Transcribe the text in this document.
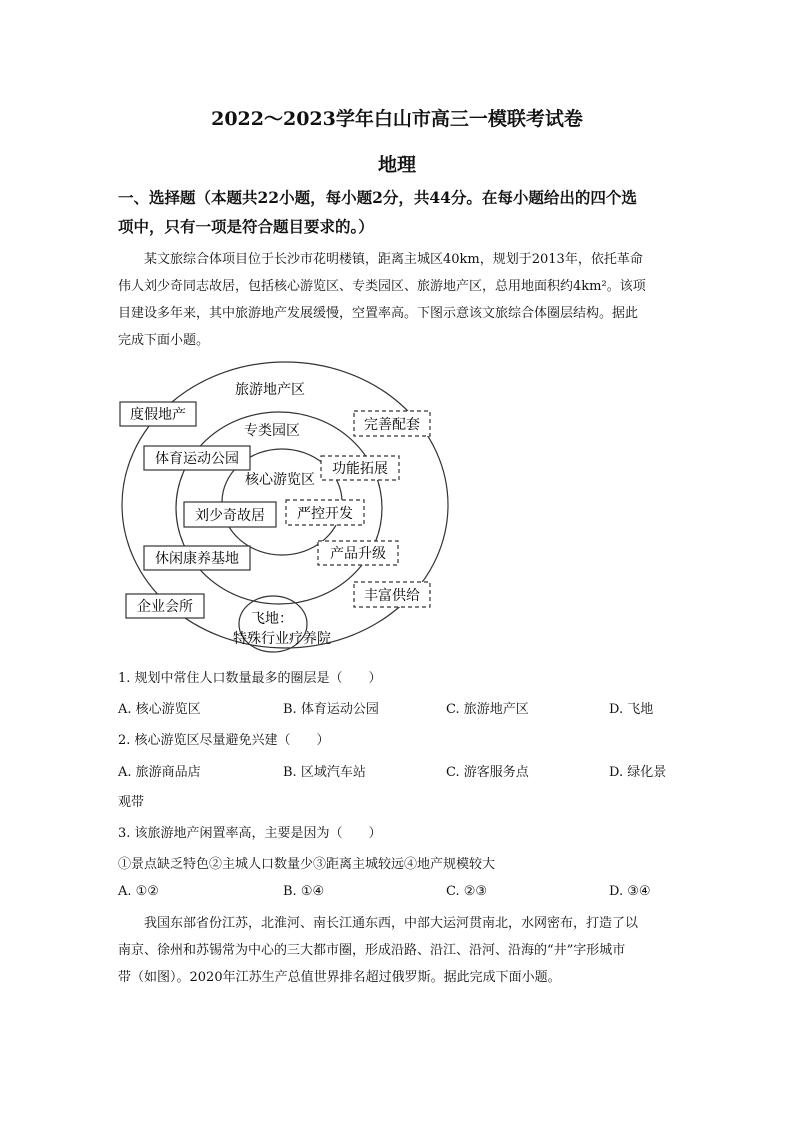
2022～2023学年白山市高三一模联考试卷
地理
一、选择题（本题共22小题，每小题2分，共44分。在每小题给出的四个选
项中，只有一项是符合题目要求的。）
某文旅综合体项目位于长沙市花明楼镇，距离主城区40km，规划于2013年，依托革命
伟人刘少奇同志故居，包括核心游览区、专类园区、旅游地产区，总用地面积约4km²。该项
目建设多年来，其中旅游地产发展缓慢，空置率高。下图示意该文旅综合体圈层结构。据此
完成下面小题。
旅游地产区
专类园区
核心游览区
飞地：
特殊行业疗养院
度假地产
体育运动公园
刘少奇故居
休闲康养基地
企业会所
完善配套
功能拓展
严控开发
产品升级
丰富供给
1. 规划中常住人口数量最多的圈层是（　　）
A. 核心游览区	B. 体育运动公园	C. 旅游地产区	D. 飞地
2. 核心游览区尽量避免兴建（　　）
A. 旅游商品店	B. 区域汽车站	C. 游客服务点	D. 绿化景
观带
3. 该旅游地产闲置率高，主要是因为（　　）
①景点缺乏特色②主城人口数量少③距离主城较远④地产规模较大
A. ①②	B. ①④	C. ②③	D. ③④
我国东部省份江苏，北淮河、南长江通东西，中部大运河贯南北，水网密布，打造了以
南京、徐州和苏锡常为中心的三大都市圈，形成沿路、沿江、沿河、沿海的“井”字形城市
带（如图）。2020年江苏生产总值世界排名超过俄罗斯。据此完成下面小题。
